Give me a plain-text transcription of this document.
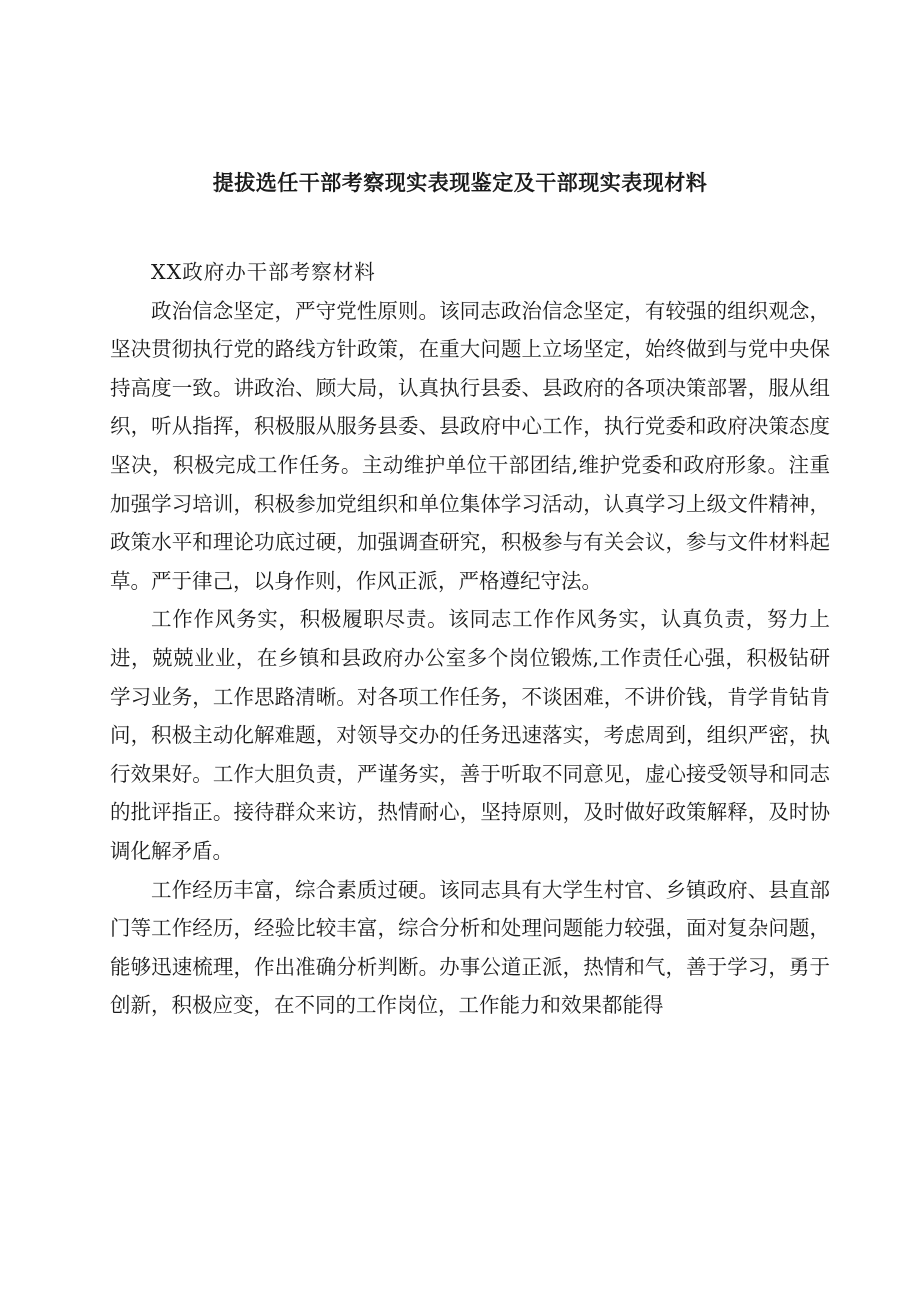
提拔选任干部考察现实表现鉴定及干部现实表现材料

XX政府办干部考察材料

政治信念坚定，严守党性原则。该同志政治信念坚定，有较强的组织观念，坚决贯彻执行党的路线方针政策，在重大问题上立场坚定，始终做到与党中央保持高度一致。讲政治、顾大局，认真执行县委、县政府的各项决策部署，服从组织，听从指挥，积极服从服务县委、县政府中心工作，执行党委和政府决策态度坚决，积极完成工作任务。主动维护单位干部团结,维护党委和政府形象。注重加强学习培训，积极参加党组织和单位集体学习活动，认真学习上级文件精神，政策水平和理论功底过硬，加强调查研究，积极参与有关会议，参与文件材料起草。严于律己，以身作则，作风正派，严格遵纪守法。

工作作风务实，积极履职尽责。该同志工作作风务实，认真负责，努力上进，兢兢业业，在乡镇和县政府办公室多个岗位锻炼,工作责任心强，积极钻研学习业务，工作思路清晰。对各项工作任务，不谈困难，不讲价钱，肯学肯钻肯问，积极主动化解难题，对领导交办的任务迅速落实，考虑周到，组织严密，执行效果好。工作大胆负责，严谨务实，善于听取不同意见，虚心接受领导和同志的批评指正。接待群众来访，热情耐心，坚持原则，及时做好政策解释，及时协调化解矛盾。

工作经历丰富，综合素质过硬。该同志具有大学生村官、乡镇政府、县直部门等工作经历，经验比较丰富，综合分析和处理问题能力较强，面对复杂问题，能够迅速梳理，作出准确分析判断。办事公道正派，热情和气，善于学习，勇于创新，积极应变，在不同的工作岗位，工作能力和效果都能得
